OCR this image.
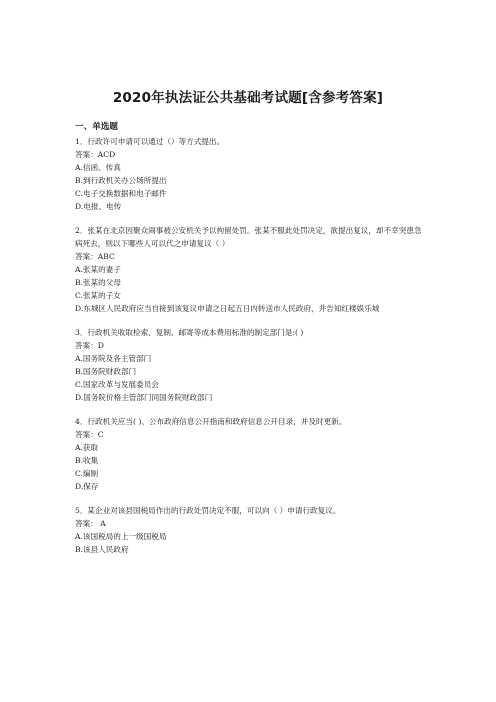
2020年执法证公共基础考试题[含参考答案]
一、单选题
1．行政许可申请可以通过（）等方式提出。
答案：ACD
A.信函、传真
B.到行政机关办公场所提出
C.电子交换数据和电子邮件
D.电报、电传
2．张某在北京因聚众闹事被公安机关予以拘留处罚。张某不服此处罚决定，欲提出复议，却不幸突患急病死去，则以下哪些人可以代之申请复议（ ）
答案：ABC
A.张某的妻子
B.张某的父母
C.张某的子女
D.东城区人民政府应当自接到该复议申请之日起五日内转送市人民政府，并告知红楼娱乐城
3．行政机关收取检索、复制、邮寄等成本费用标准的制定部门是:( )
答案：D
A.国务院及各主管部门
B.国务院财政部门
C.国家改革与发展委员会
D.国务院价格主管部门同国务院财政部门
4．行政机关应当( )、公布政府信息公开指南和政府信息公开目录，并及时更新。
答案：C
A.获取
B.收集
C.编制
D.保存
5．某企业对该县国税局作出的行政处罚决定不服，可以向（ ）申请行政复议。
答案： A
A.该国税局的上一级国税局
B.该县人民政府
